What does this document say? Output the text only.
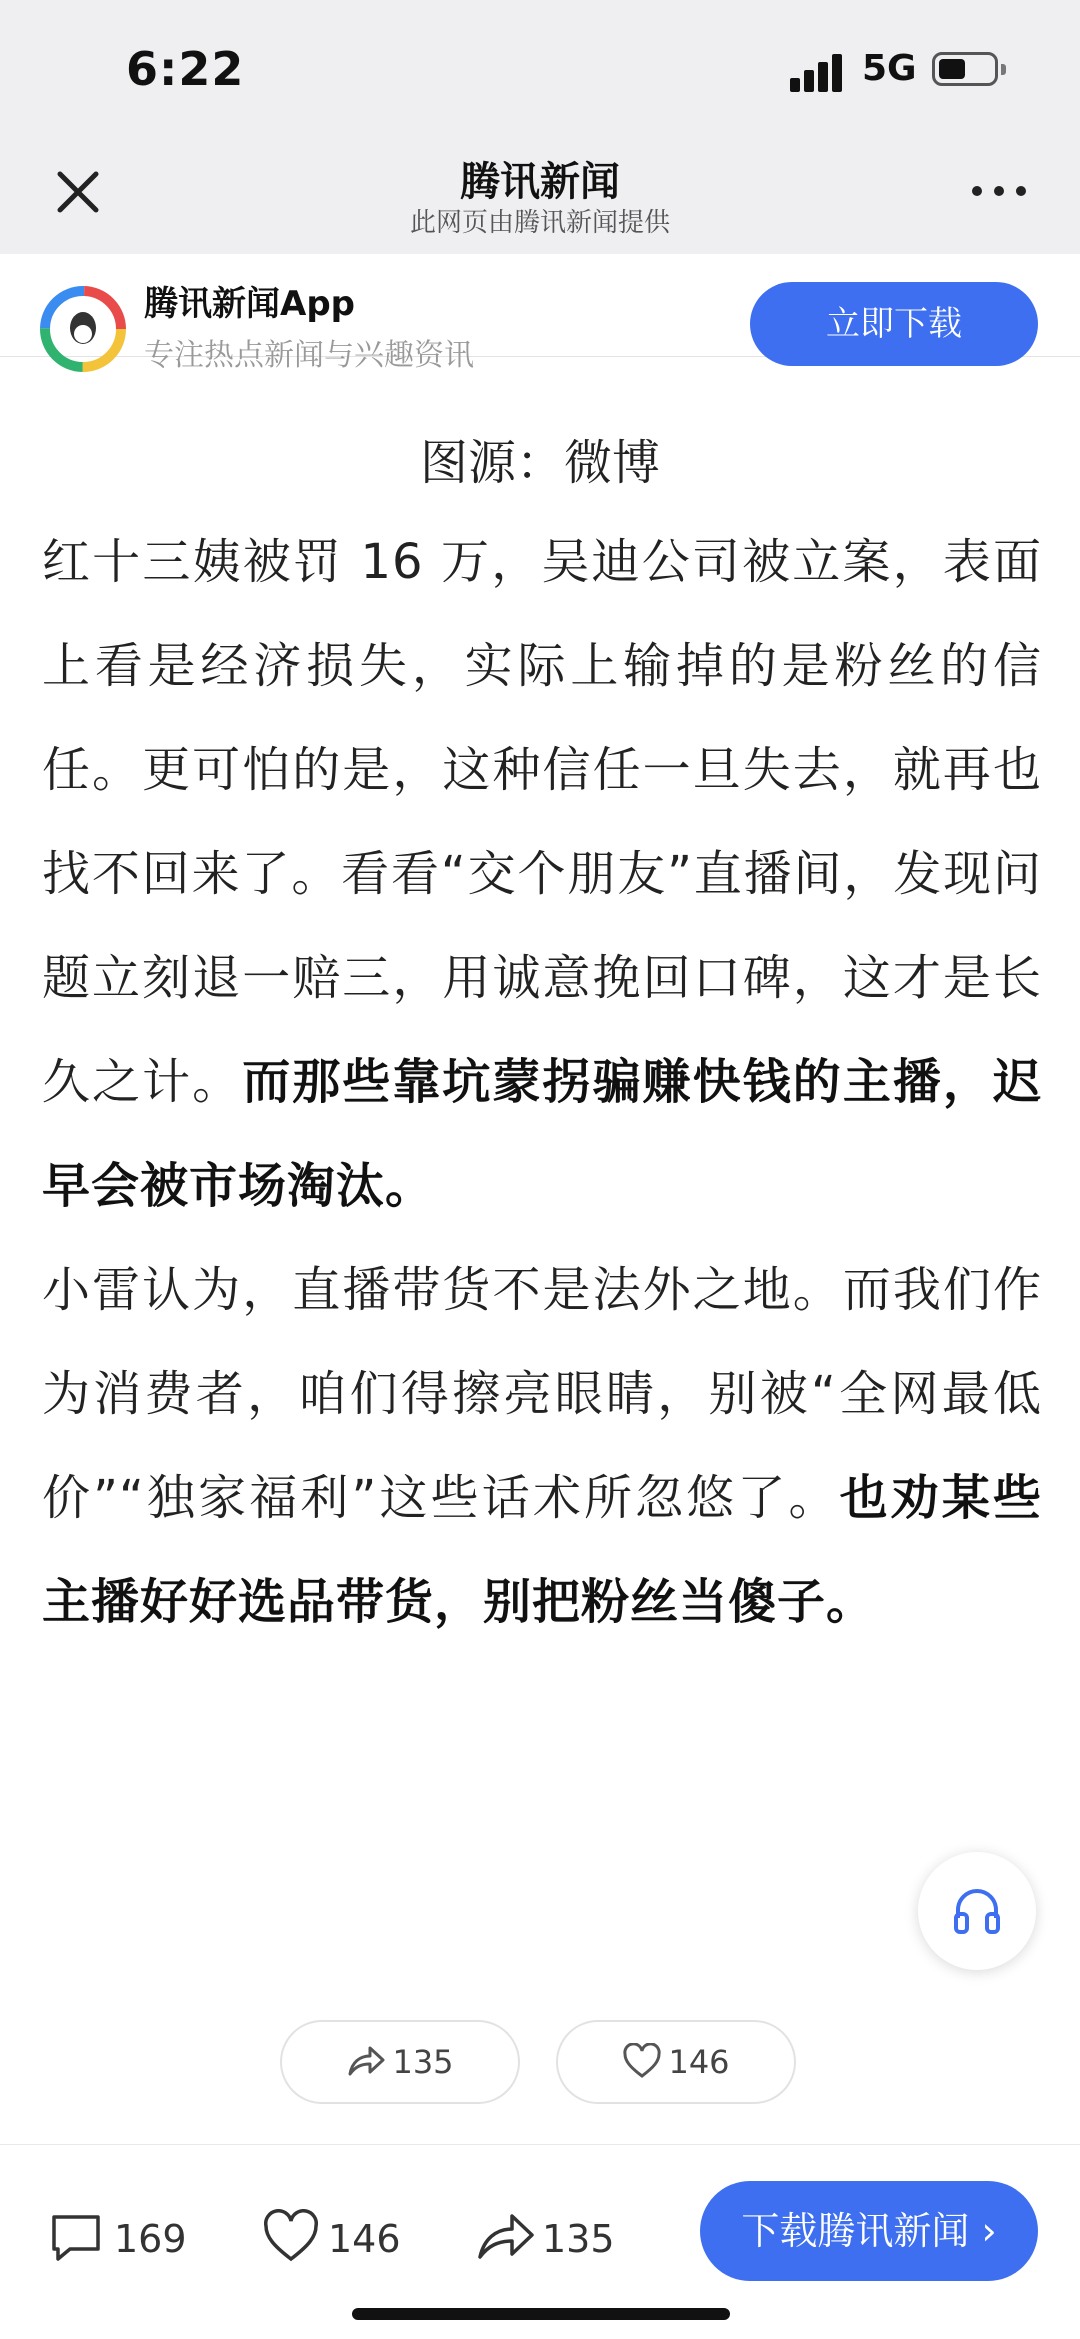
6:22	5G
腾讯新闻
此网页由腾讯新闻提供
腾讯新闻App
专注热点新闻与兴趣资讯
立即下载
图源：微博

红十三姨被罚 16 万，吴迪公司被立案，表面上看是经济损失，实际上输掉的是粉丝的信任。更可怕的是，这种信任一旦失去，就再也找不回来了。看看“交个朋友”直播间，发现问题立刻退一赔三，用诚意挽回口碑，这才是长久之计。而那些靠坑蒙拐骗赚快钱的主播，迟早会被市场淘汰。

小雷认为，直播带货不是法外之地。而我们作为消费者，咱们得擦亮眼睛，别被“全网最低价”“独家福利”这些话术所忽悠了。也劝某些主播好好选品带货，别把粉丝当傻子。

135	146
169	146	135	下载腾讯新闻 ›
